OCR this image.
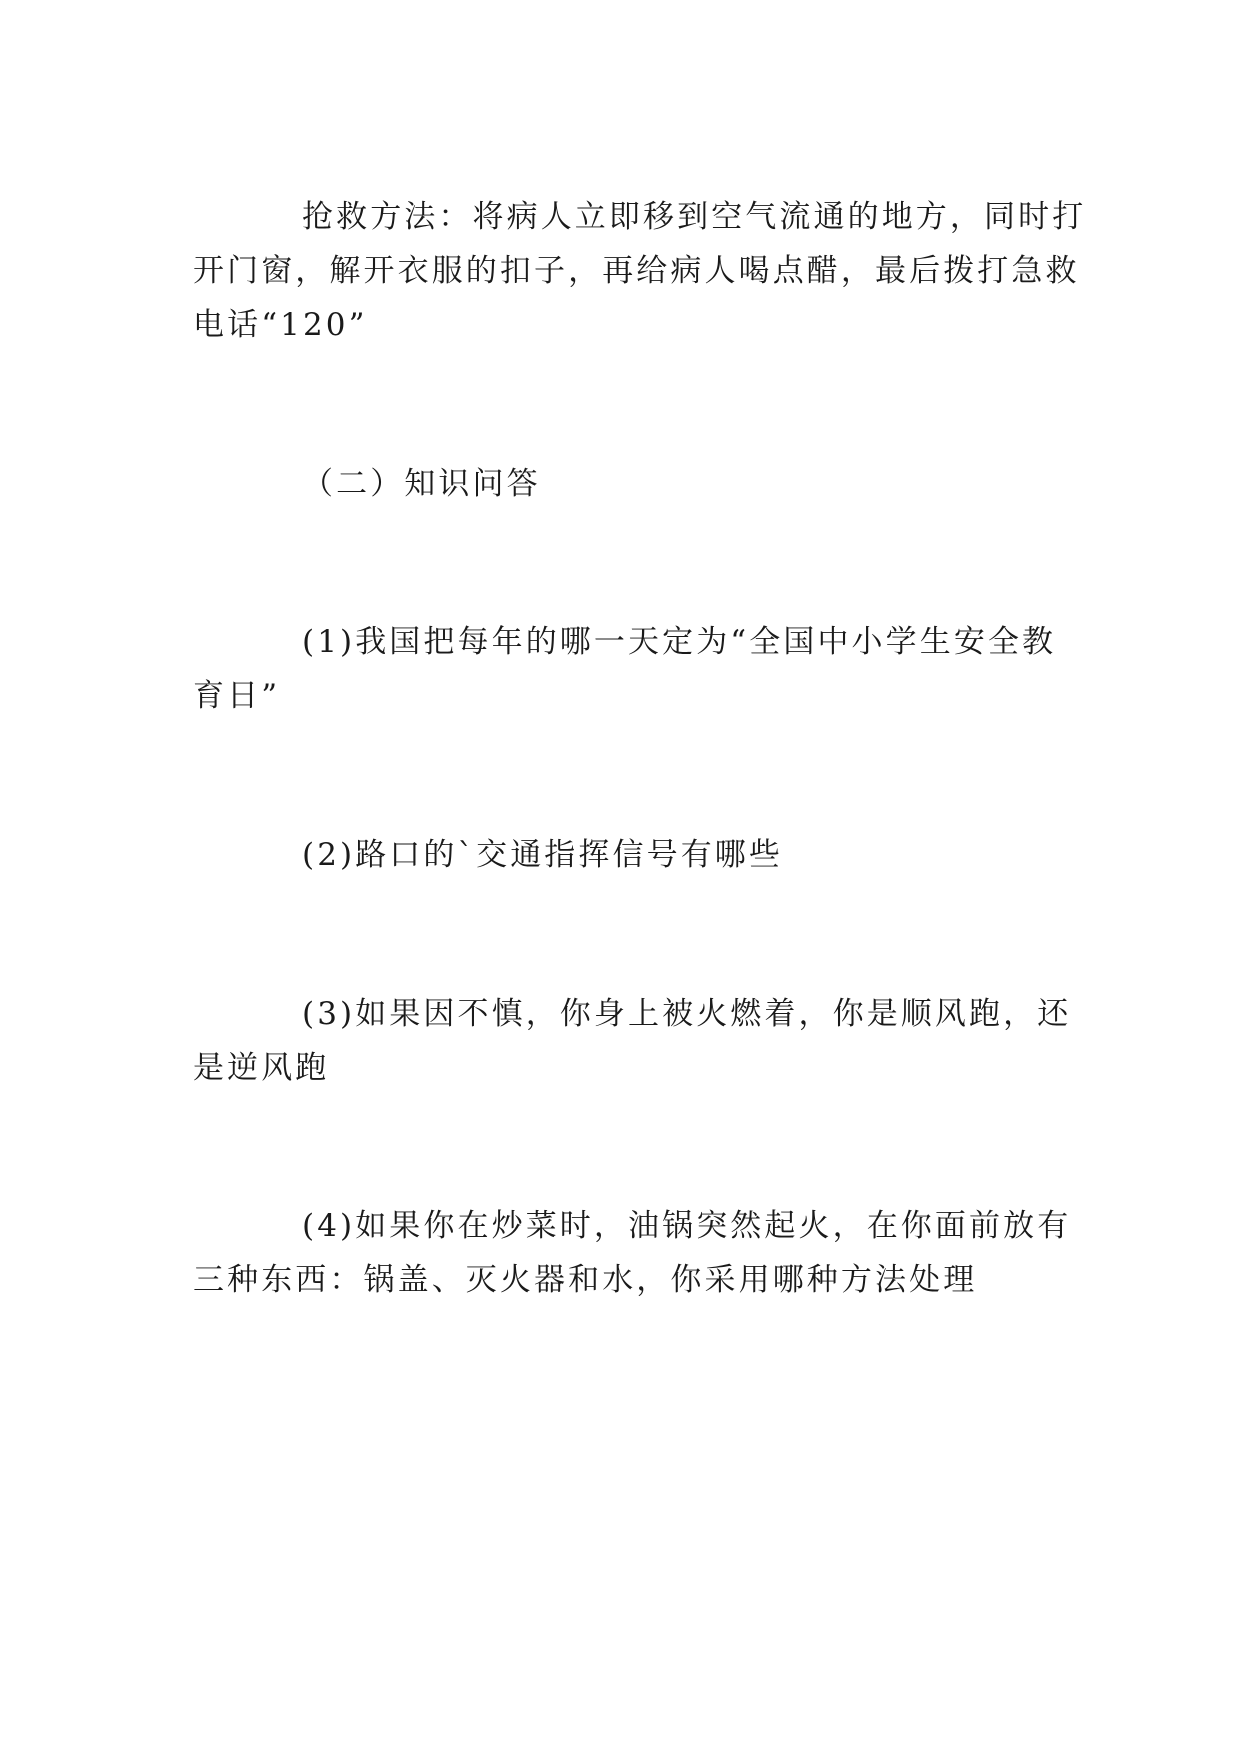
抢救方法：将病人立即移到空气流通的地方，同时打

开门窗，解开衣服的扣子，再给病人喝点醋，最后拨打急救

电话“120”

（二）知识问答

(1)我国把每年的哪一天定为“全国中小学生安全教

育日”

(2)路口的`交通指挥信号有哪些

(3)如果因不慎，你身上被火燃着，你是顺风跑，还

是逆风跑

(4)如果你在炒菜时，油锅突然起火，在你面前放有

三种东西：锅盖、灭火器和水，你采用哪种方法处理
